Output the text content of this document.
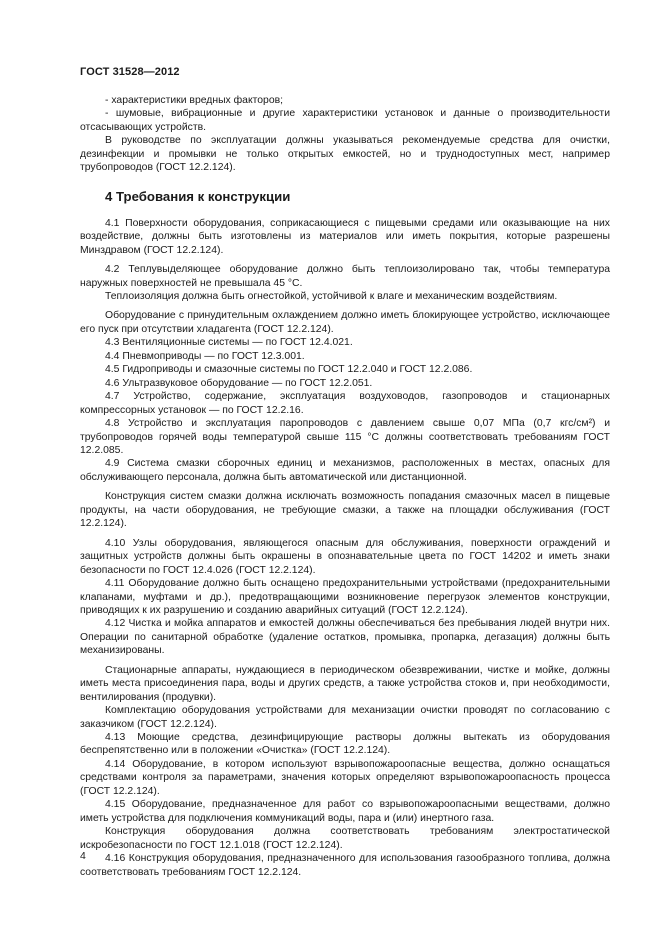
ГОСТ 31528—2012

- характеристики вредных факторов;

- шумовые, вибрационные и другие характеристики установок и данные о производительности отсасывающих устройств.

В руководстве по эксплуатации должны указываться рекомендуемые средства для очистки, дезинфекции и промывки не только открытых емкостей, но и труднодоступных мест, например трубопроводов (ГОСТ 12.2.124).

4 Требования к конструкции

4.1 Поверхности оборудования, соприкасающиеся с пищевыми средами или оказывающие на них воздействие, должны быть изготовлены из материалов или иметь покрытия, которые разрешены Минздравом (ГОСТ 12.2.124).

4.2 Теплувыделяющее оборудование должно быть теплоизолировано так, чтобы температура наружных поверхностей не превышала 45 °С.

Теплоизоляция должна быть огнестойкой, устойчивой к влаге и механическим воздействиям.

Оборудование с принудительным охлаждением должно иметь блокирующее устройство, исключающее его пуск при отсутствии хладагента (ГОСТ 12.2.124).

4.3 Вентиляционные системы — по ГОСТ 12.4.021.

4.4 Пневмоприводы — по ГОСТ 12.3.001.

4.5 Гидроприводы и смазочные системы по ГОСТ 12.2.040 и ГОСТ 12.2.086.

4.6 Ультразвуковое оборудование — по ГОСТ 12.2.051.

4.7 Устройство, содержание, эксплуатация воздуховодов, газопроводов и стационарных компрессорных установок — по ГОСТ 12.2.16.

4.8 Устройство и эксплуатация паропроводов с давлением свыше 0,07 МПа (0,7 кгс/см²) и трубопроводов горячей воды температурой свыше 115 °С должны соответствовать требованиям ГОСТ 12.2.085.

4.9 Система смазки сборочных единиц и механизмов, расположенных в местах, опасных для обслуживающего персонала, должна быть автоматической или дистанционной.

Конструкция систем смазки должна исключать возможность попадания смазочных масел в пищевые продукты, на части оборудования, не требующие смазки, а также на площадки обслуживания (ГОСТ 12.2.124).

4.10 Узлы оборудования, являющегося опасным для обслуживания, поверхности ограждений и защитных устройств должны быть окрашены в опознавательные цвета по ГОСТ 14202 и иметь знаки безопасности по ГОСТ 12.4.026 (ГОСТ 12.2.124).

4.11 Оборудование должно быть оснащено предохранительными устройствами (предохранительными клапанами, муфтами и др.), предотвращающими возникновение перегрузок элементов конструкции, приводящих к их разрушению и созданию аварийных ситуаций (ГОСТ 12.2.124).

4.12 Чистка и мойка аппаратов и емкостей должны обеспечиваться без пребывания людей внутри них. Операции по санитарной обработке (удаление остатков, промывка, пропарка, дегазация) должны быть механизированы.

Стационарные аппараты, нуждающиеся в периодическом обезвреживании, чистке и мойке, должны иметь места присоединения пара, воды и других средств, а также устройства стоков и, при необходимости, вентилирования (продувки).

Комплектацию оборудования устройствами для механизации очистки проводят по согласованию с заказчиком (ГОСТ 12.2.124).

4.13 Моющие средства, дезинфицирующие растворы должны вытекать из оборудования беспрепятственно или в положении «Очистка» (ГОСТ 12.2.124).

4.14 Оборудование, в котором используют взрывопожароопасные вещества, должно оснащаться средствами контроля за параметрами, значения которых определяют взрывопожароопасность процесса (ГОСТ 12.2.124).

4.15 Оборудование, предназначенное для работ со взрывопожароопасными веществами, должно иметь устройства для подключения коммуникаций воды, пара и (или) инертного газа.

Конструкция оборудования должна соответствовать требованиям электростатической искробезопасности по ГОСТ 12.1.018 (ГОСТ 12.2.124).

4.16 Конструкция оборудования, предназначенного для использования газообразного топлива, должна соответствовать требованиям ГОСТ 12.2.124.

4
